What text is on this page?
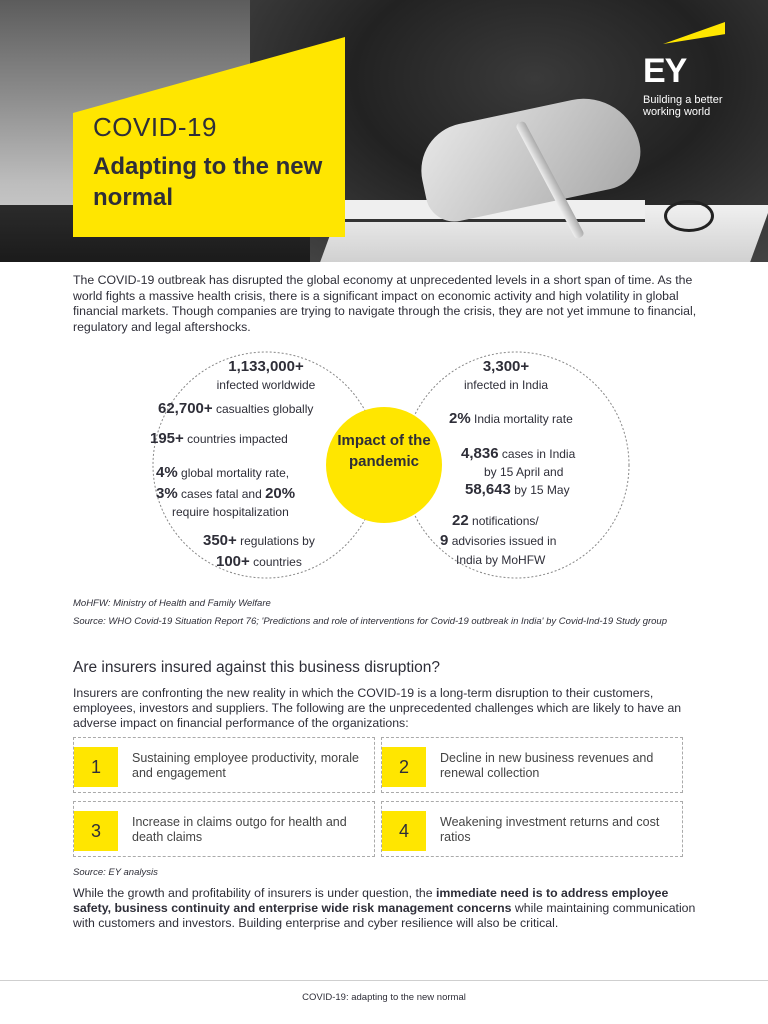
COVID-19
Adapting to the new normal
EY
Building a better working world

The COVID-19 outbreak has disrupted the global economy at unprecedented levels in a short span of time. As the world fights a massive health crisis, there is a significant impact on economic activity and high volatility in global financial markets. Though companies are trying to navigate through the crisis, they are not yet immune to financial, regulatory and legal aftershocks.

Impact of the pandemic
1,133,000+
infected worldwide
62,700+ casualties globally
195+ countries impacted
4% global mortality rate,
3% cases fatal and 20%
require hospitalization
350+ regulations by
100+ countries
3,300+
infected in India
2% India mortality rate
4,836 cases in India
by 15 April and
58,643 by 15 May
22 notifications/
9 advisories issued in
India by MoHFW
MoHFW: Ministry of Health and Family Welfare
Source: WHO Covid-19 Situation Report 76; 'Predictions and role of interventions for Covid-19 outbreak in India' by Covid-Ind-19 Study group
Are insurers insured against this business disruption?

Insurers are confronting the new reality in which the COVID-19 is a long-term disruption to their customers, employees, investors and suppliers. The following are the unprecedented challenges which are likely to have an adverse impact on financial performance of the organizations:

1	Sustaining employee productivity, morale and engagement	2	Decline in new business revenues and renewal collection
3	Increase in claims outgo for health and death claims	4	Weakening investment returns and cost ratios
Source: EY analysis

While the growth and profitability of insurers is under question, the immediate need is to address employee safety, business continuity and enterprise wide risk management concerns while maintaining communication with customers and investors. Building enterprise and cyber resilience will also be critical.

COVID-19: adapting to the new normal
